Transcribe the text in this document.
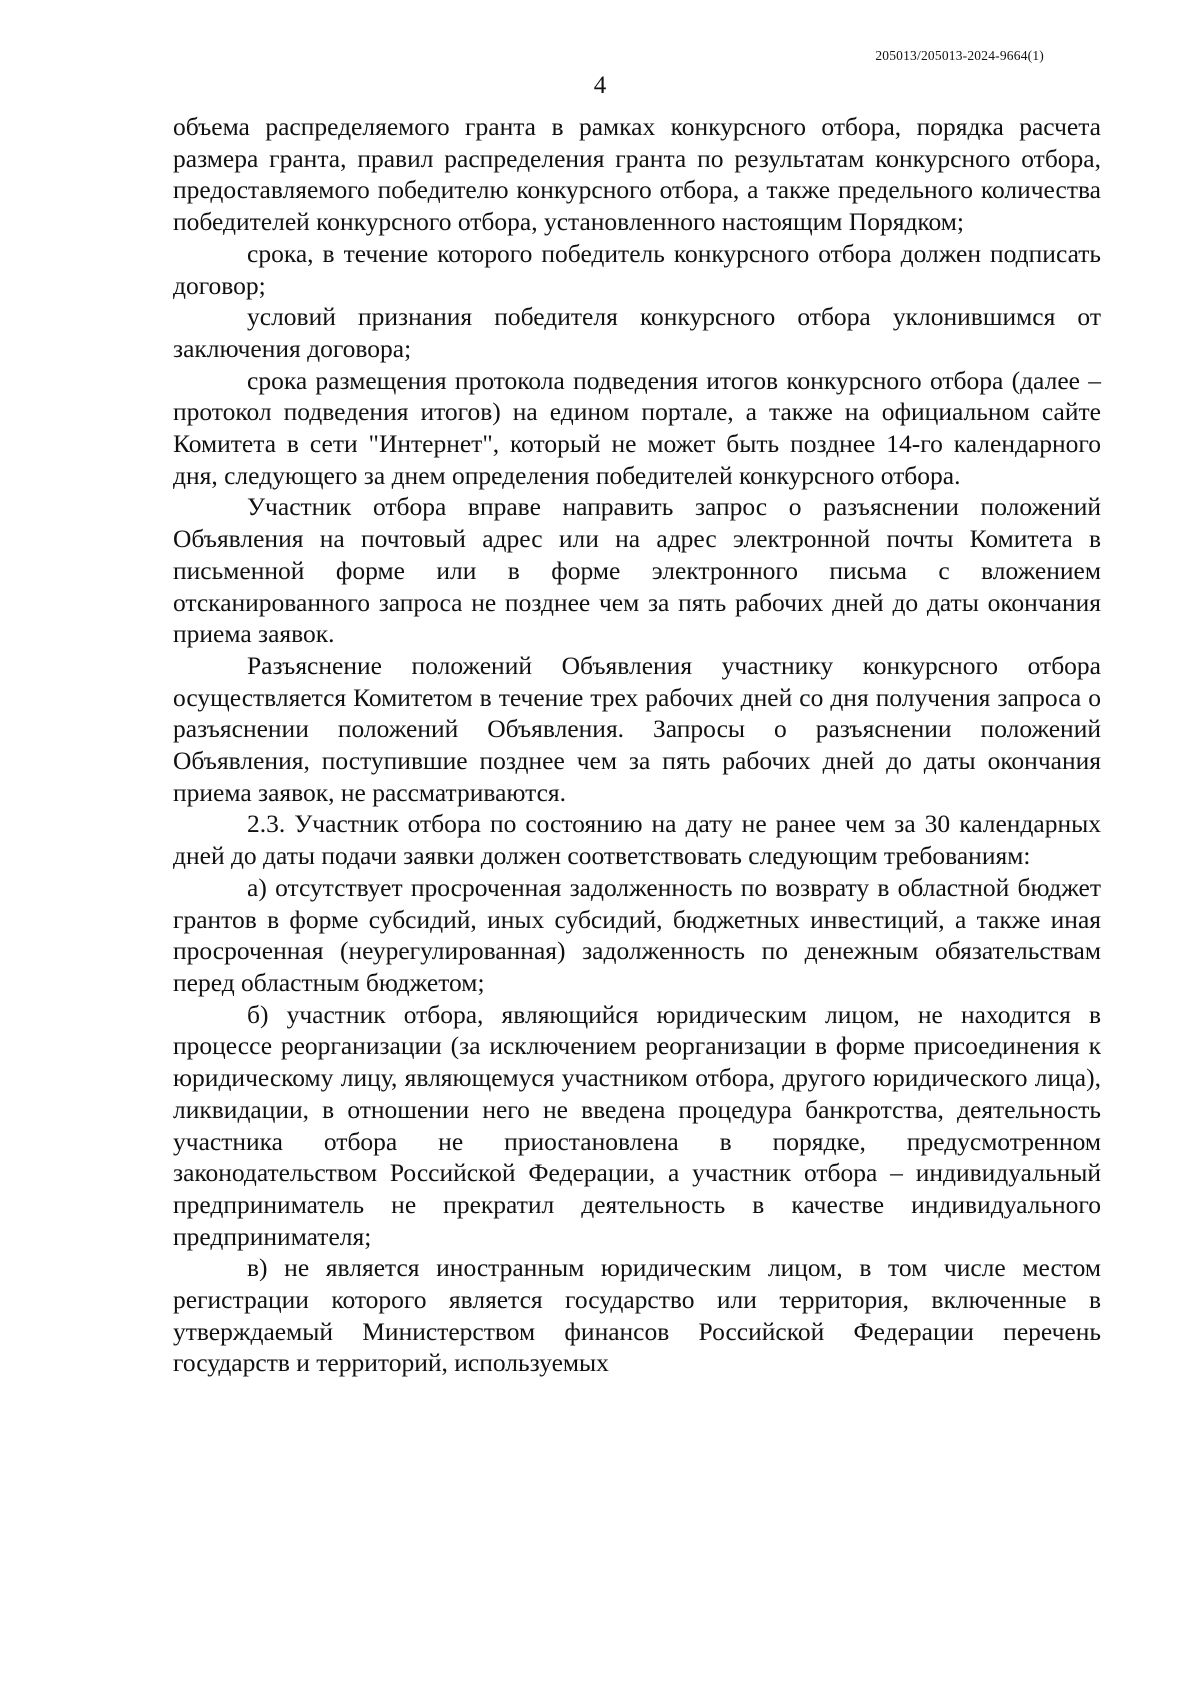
205013/205013-2024-9664(1)
4

объема распределяемого гранта в рамках конкурсного отбора, порядка расчета размера гранта, правил распределения гранта по результатам конкурсного отбора, предоставляемого победителю конкурсного отбора, а также предельного количества победителей конкурсного отбора, установленного настоящим Порядком;

срока, в течение которого победитель конкурсного отбора должен подписать договор;

условий признания победителя конкурсного отбора уклонившимся от заключения договора;

срока размещения протокола подведения итогов конкурсного отбора (далее – протокол подведения итогов) на едином портале, а также на официальном сайте Комитета в сети "Интернет", который не может быть позднее 14-го календарного дня, следующего за днем определения победителей конкурсного отбора.

Участник отбора вправе направить запрос о разъяснении положений Объявления на почтовый адрес или на адрес электронной почты Комитета в письменной форме или в форме электронного письма с вложением отсканированного запроса не позднее чем за пять рабочих дней до даты окончания приема заявок.

Разъяснение положений Объявления участнику конкурсного отбора осуществляется Комитетом в течение трех рабочих дней со дня получения запроса о разъяснении положений Объявления. Запросы о разъяснении положений Объявления, поступившие позднее чем за пять рабочих дней до даты окончания приема заявок, не рассматриваются.

2.3. Участник отбора по состоянию на дату не ранее чем за 30 календарных дней до даты подачи заявки должен соответствовать следующим требованиям:

а) отсутствует просроченная задолженность по возврату в областной бюджет грантов в форме субсидий, иных субсидий, бюджетных инвестиций, а также иная просроченная (неурегулированная) задолженность по денежным обязательствам перед областным бюджетом;

б) участник отбора, являющийся юридическим лицом, не находится в процессе реорганизации (за исключением реорганизации в форме присоединения к юридическому лицу, являющемуся участником отбора, другого юридического лица), ликвидации, в отношении него не введена процедура банкротства, деятельность участника отбора не приостановлена в порядке, предусмотренном законодательством Российской Федерации, а участник отбора – индивидуальный предприниматель не прекратил деятельность в качестве индивидуального предпринимателя;

в) не является иностранным юридическим лицом, в том числе местом регистрации которого является государство или территория, включенные в утверждаемый Министерством финансов Российской Федерации перечень государств и территорий, используемых
